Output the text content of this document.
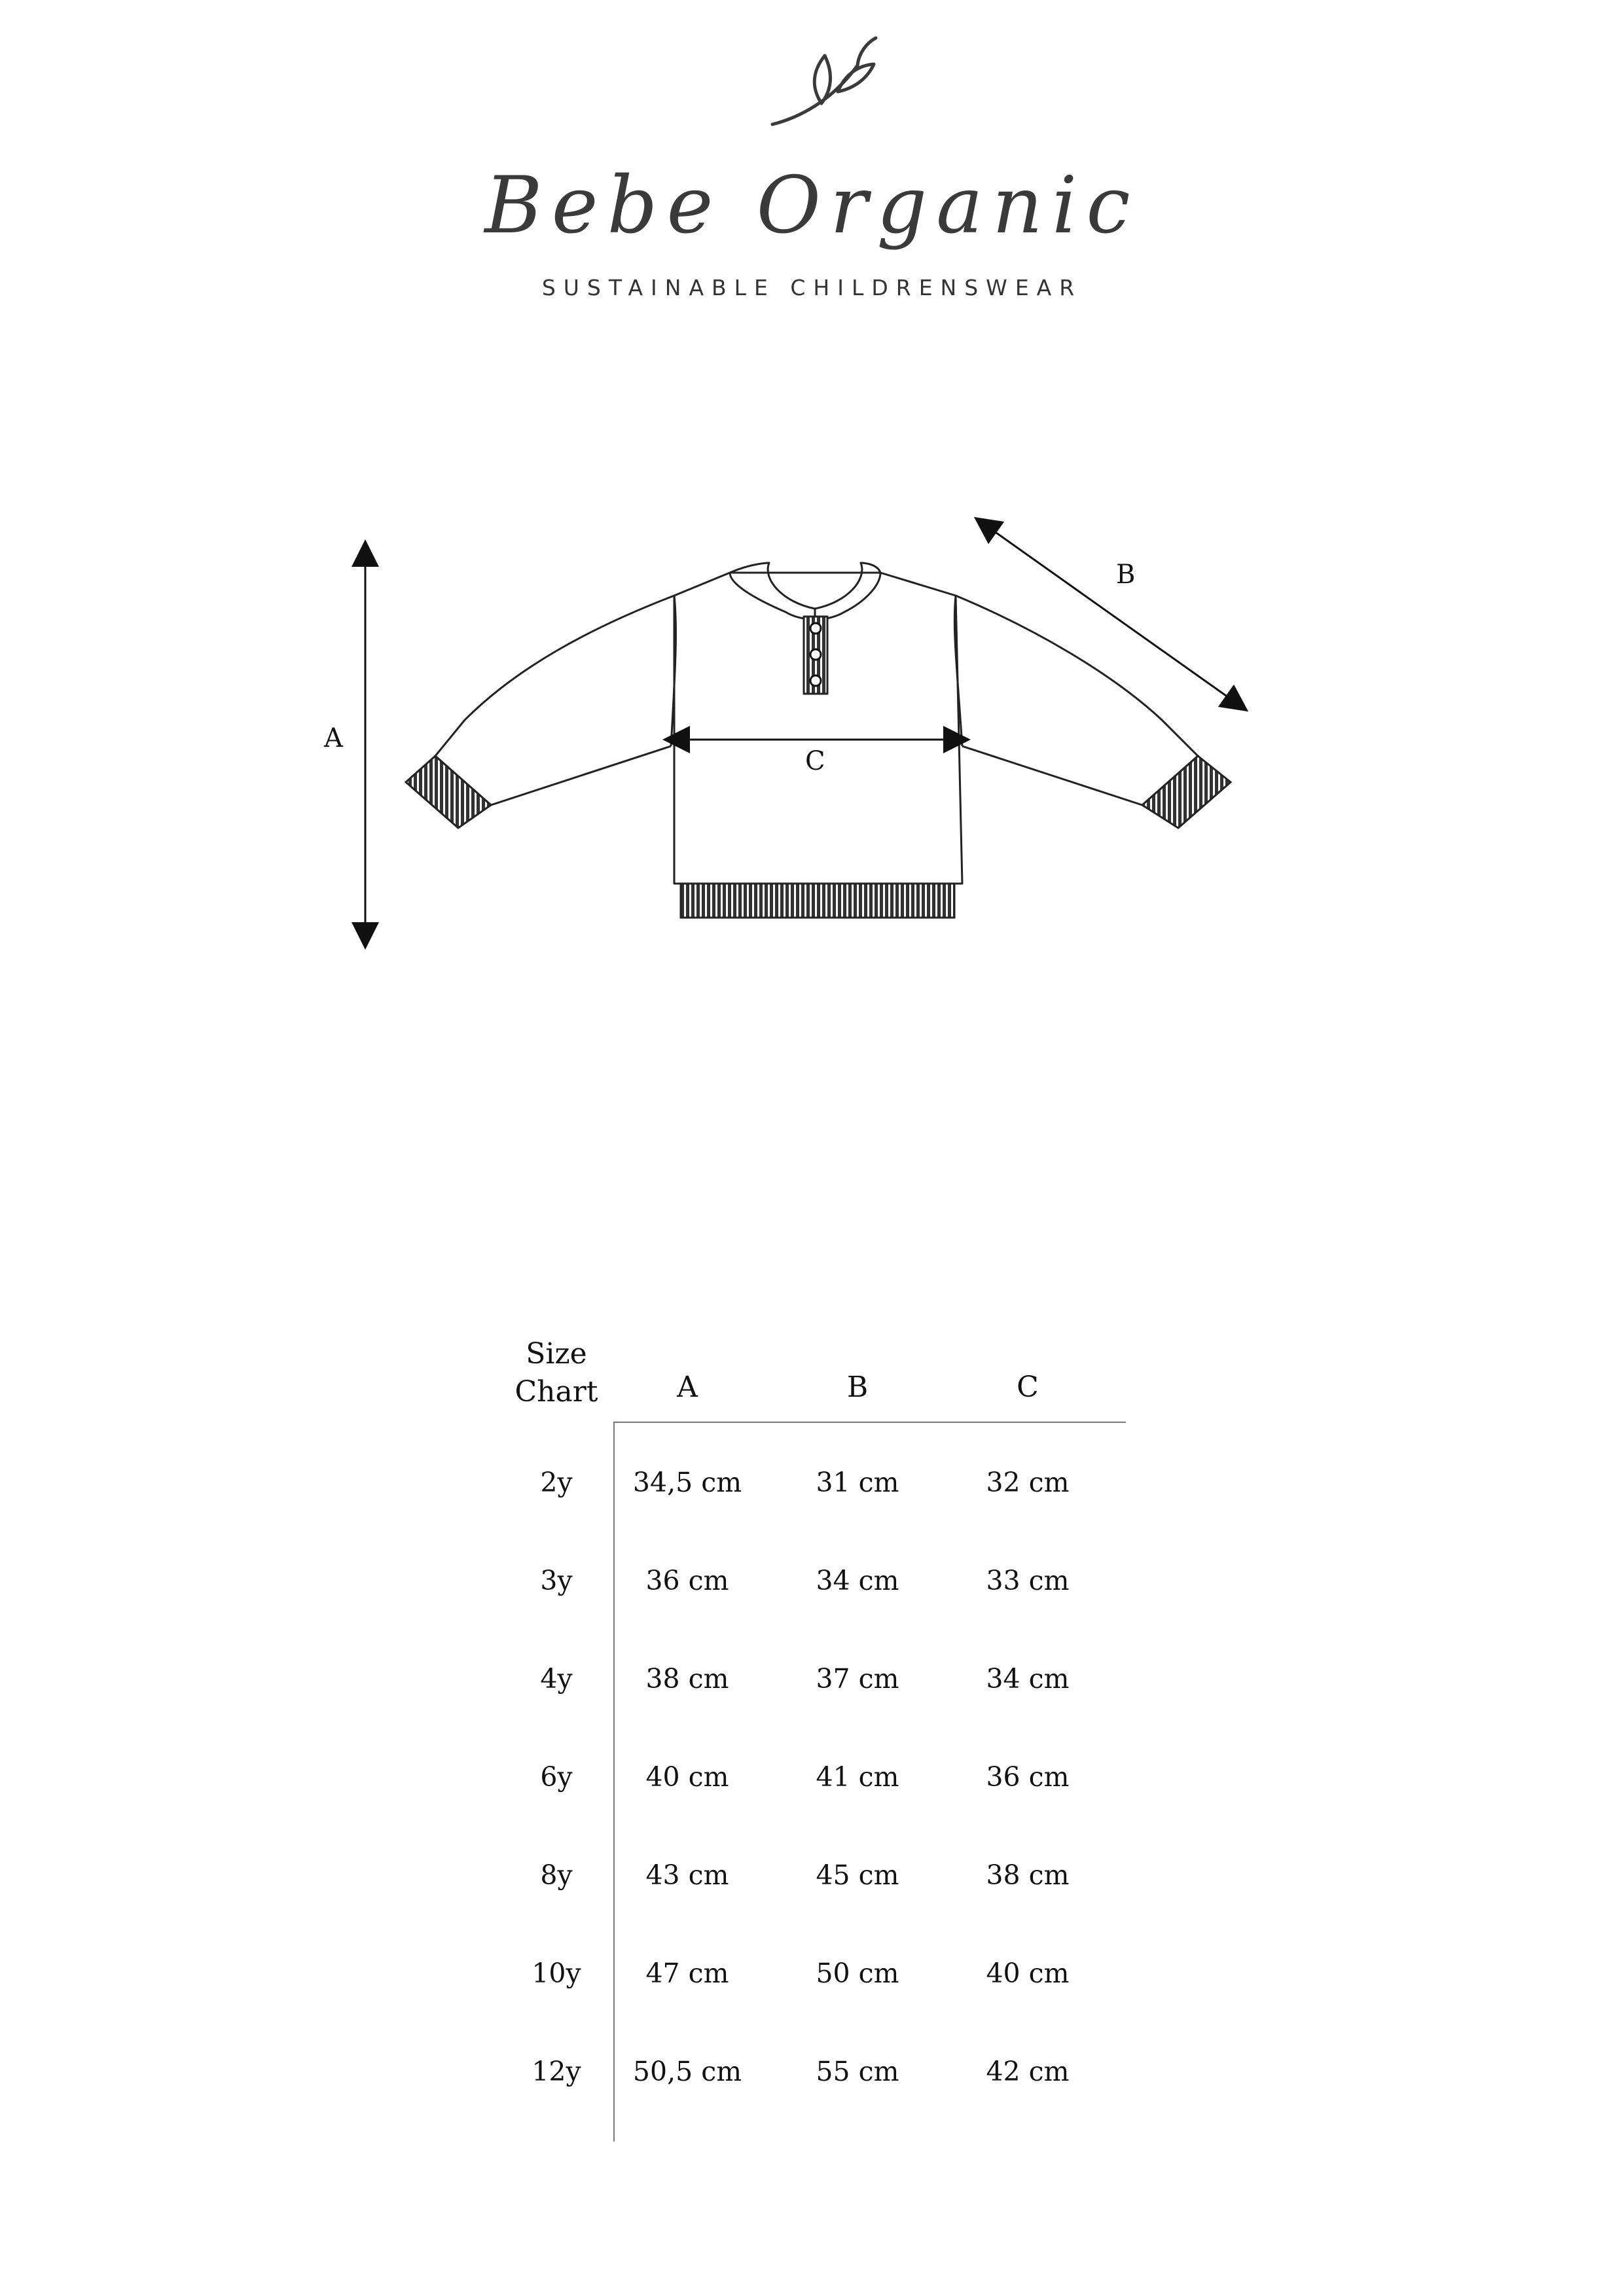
Bebe Organic
SUSTAINABLE CHILDRENSWEAR
A
B
C
Size
Chart	A	B	C
2y	34,5 cm	31 cm	32 cm
3y	36 cm	34 cm	33 cm
4y	38 cm	37 cm	34 cm
6y	40 cm	41 cm	36 cm
8y	43 cm	45 cm	38 cm
10y	47 cm	50 cm	40 cm
12y	50,5 cm	55 cm	42 cm
